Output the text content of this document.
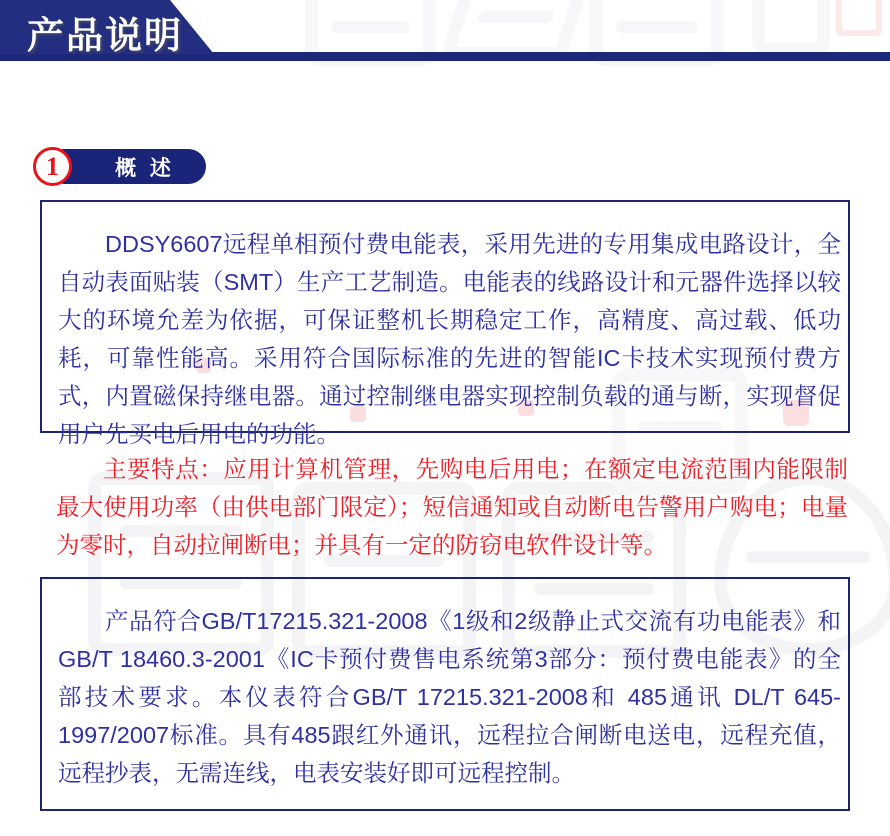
产品说明
概 述
1

DDSY6607远程单相预付费电能表，采用先进的专用集成电路设计，全自动表面贴装（SMT）生产工艺制造。电能表的线路设计和元器件选择以较大的环境允差为依据，可保证整机长期稳定工作，高精度、高过载、低功耗，可靠性能高。采用符合国际标准的先进的智能IC卡技术实现预付费方式，内置磁保持继电器。通过控制继电器实现控制负载的通与断，实现督促用户先买电后用电的功能。

主要特点：应用计算机管理，先购电后用电；在额定电流范围内能限制最大使用功率（由供电部门限定）；短信通知或自动断电告警用户购电；电量为零时，自动拉闸断电；并具有一定的防窃电软件设计等。

产品符合GB/T17215.321-2008《1级和2级静止式交流有功电能表》和GB/T 18460.3-2001《IC卡预付费售电系统第3部分：预付费电能表》的全部技术要求。本仪表符合GB/T 17215.321-2008和 485通讯 DL/T 645-1997/2007标准。具有485跟红外通讯，远程拉合闸断电送电，远程充值，远程抄表，无需连线，电表安装好即可远程控制。
